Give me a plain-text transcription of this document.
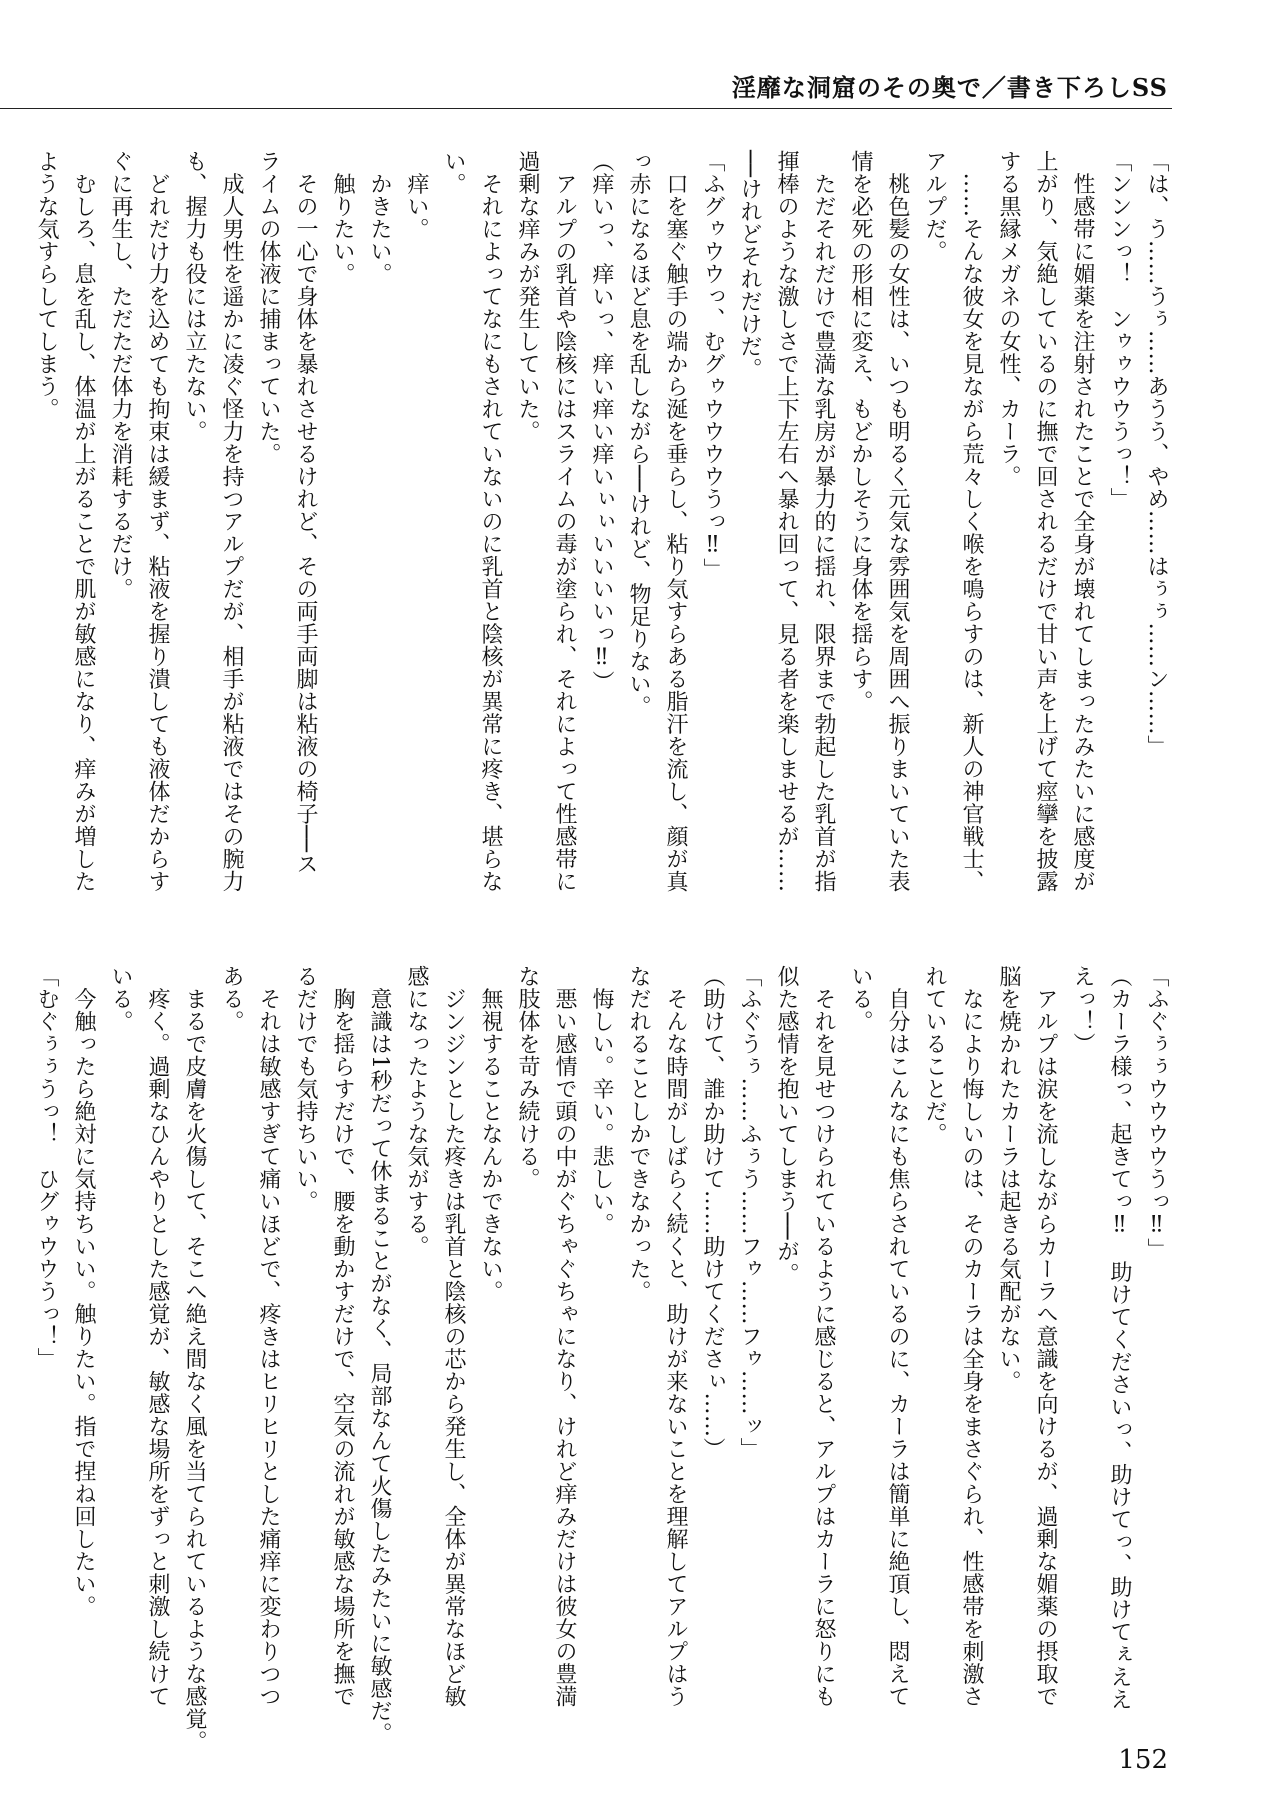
淫靡な洞窟のその奥で／書き下ろしSS

「は、う……うぅ……あうう、やめ……はぅぅ……ン……」

「ンンンっ！　ンゥゥウウうっ！」

　性感帯に媚薬を注射されたことで全身が壊れてしまったみたいに感度が

上がり、気絶しているのに撫で回されるだけで甘い声を上げて痙攣を披露

する黒縁メガネの女性、カーラ。

　……そんな彼女を見ながら荒々しく喉を鳴らすのは、新人の神官戦士、

アルプだ。

　桃色髪の女性は、いつも明るく元気な雰囲気を周囲へ振りまいていた表

情を必死の形相に変え、もどかしそうに身体を揺らす。

　ただそれだけで豊満な乳房が暴力的に揺れ、限界まで勃起した乳首が指

揮棒のような激しさで上下左右へ暴れ回って、見る者を楽しませるが……

──けれどそれだけだ。

「ふグゥウウっ、むグゥウウウウうっ‼」

　口を塞ぐ触手の端から涎を垂らし、粘り気すらある脂汗を流し、顔が真

っ赤になるほど息を乱しながら──けれど、物足りない。

（痒いっ、痒いっ、痒い痒い痒いぃぃいいいいっ‼）

　アルプの乳首や陰核にはスライムの毒が塗られ、それによって性感帯に

過剰な痒みが発生していた。

　それによってなにもされていないのに乳首と陰核が異常に疼き、堪らな

い。

　痒い。

　かきたい。

　触りたい。

　その一心で身体を暴れさせるけれど、その両手両脚は粘液の椅子──ス

ライムの体液に捕まっていた。

　成人男性を遥かに凌ぐ怪力を持つアルプだが、相手が粘液ではその腕力

も、握力も役には立たない。

　どれだけ力を込めても拘束は緩まず、粘液を握り潰しても液体だからす

ぐに再生し、ただただ体力を消耗するだけ。

　むしろ、息を乱し、体温が上がることで肌が敏感になり、痒みが増した

ような気すらしてしまう。

「ふぐぅぅウウウウうっ‼」

（カーラ様っ、起きてっ‼　助けてくださいっ、助けてっ、助けてぇええ

えっ！）

　アルプは涙を流しながらカーラへ意識を向けるが、過剰な媚薬の摂取で

脳を焼かれたカーラは起きる気配がない。

　なにより悔しいのは、そのカーラは全身をまさぐられ、性感帯を刺激さ

れていることだ。

　自分はこんなにも焦らされているのに、カーラは簡単に絶頂し、悶えて

いる。

　それを見せつけられているように感じると、アルプはカーラに怒りにも

似た感情を抱いてしまう──が。

「ふぐうぅ……ふぅう……フゥ……フゥ……ッ」

（助けて、誰か助けて……助けてくださぃ……）

　そんな時間がしばらく続くと、助けが来ないことを理解してアルプはう

なだれることしかできなかった。

　悔しい。辛い。悲しい。

　悪い感情で頭の中がぐちゃぐちゃになり、けれど痒みだけは彼女の豊満

な肢体を苛み続ける。

　無視することなんかできない。

　ジンジンとした疼きは乳首と陰核の芯から発生し、全体が異常なほど敏

感になったような気がする。

　意識は1秒だって休まることがなく、局部なんて火傷したみたいに敏感だ。

　胸を揺らすだけで、腰を動かすだけで、空気の流れが敏感な場所を撫で

るだけでも気持ちいい。

　それは敏感すぎて痛いほどで、疼きはヒリヒリとした痛痒に変わりつつ

ある。

　まるで皮膚を火傷して、そこへ絶え間なく風を当てられているような感覚。

　疼く。過剰なひんやりとした感覚が、敏感な場所をずっと刺激し続けて

いる。

　今触ったら絶対に気持ちいい。触りたい。指で捏ね回したい。

「むぐぅぅうっ！　ひグゥウウうっ！」

152
